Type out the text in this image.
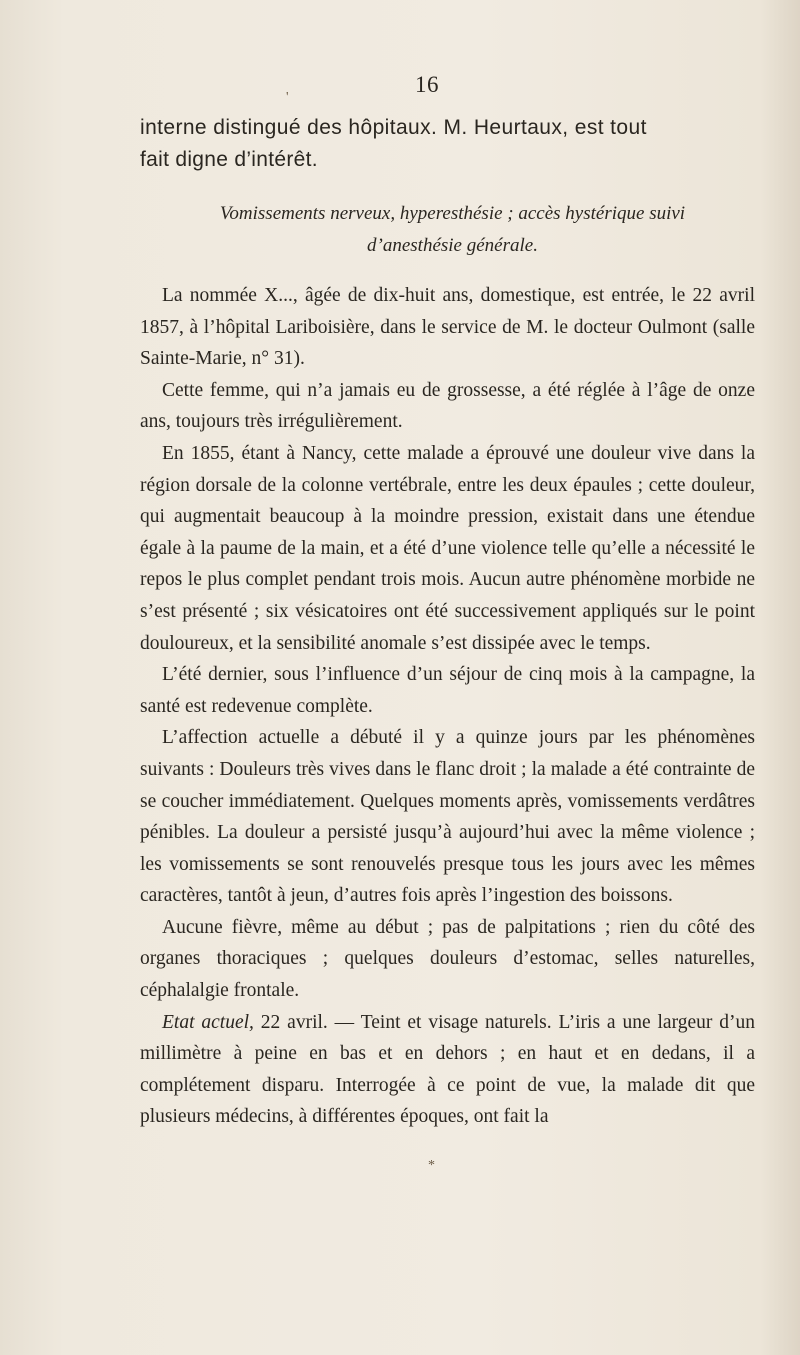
16
interne distingué des hôpitaux. M. Heurtaux, est tout
fait digne d’intérêt.
Vomissements nerveux, hyperesthésie ; accès hystérique suivi
d’anesthésie générale.

La nommée X..., âgée de dix-huit ans, domestique, est entrée, le 22 avril 1857, à l’hôpital Lariboisière, dans le service de M. le docteur Oulmont (salle Sainte-Marie, n° 31).

Cette femme, qui n’a jamais eu de grossesse, a été réglée à l’âge de onze ans, toujours très irrégulièrement.

En 1855, étant à Nancy, cette malade a éprouvé une douleur vive dans la région dorsale de la colonne vertébrale, entre les deux épaules ; cette douleur, qui augmentait beaucoup à la moindre pression, existait dans une étendue égale à la paume de la main, et a été d’une violence telle qu’elle a nécessité le repos le plus complet pendant trois mois. Aucun autre phénomène morbide ne s’est présenté ; six vésicatoires ont été successivement appliqués sur le point douloureux, et la sensibilité anomale s’est dissipée avec le temps.

L’été dernier, sous l’influence d’un séjour de cinq mois à la campagne, la santé est redevenue complète.

L’affection actuelle a débuté il y a quinze jours par les phénomènes suivants : Douleurs très vives dans le flanc droit ; la malade a été contrainte de se coucher immédiatement. Quelques moments après, vomissements verdâtres pénibles. La douleur a persisté jusqu’à aujourd’hui avec la même violence ; les vomissements se sont renouvelés presque tous les jours avec les mêmes caractères, tantôt à jeun, d’autres fois après l’ingestion des boissons.

Aucune fièvre, même au début ; pas de palpitations ; rien du côté des organes thoraciques ; quelques douleurs d’estomac, selles naturelles, céphalalgie frontale.

Etat actuel, 22 avril. — Teint et visage naturels. L’iris a une largeur d’un millimètre à peine en bas et en dehors ; en haut et en dedans, il a complétement disparu. Interrogée à ce point de vue, la malade dit que plusieurs médecins, à différentes époques, ont fait la

'
*
